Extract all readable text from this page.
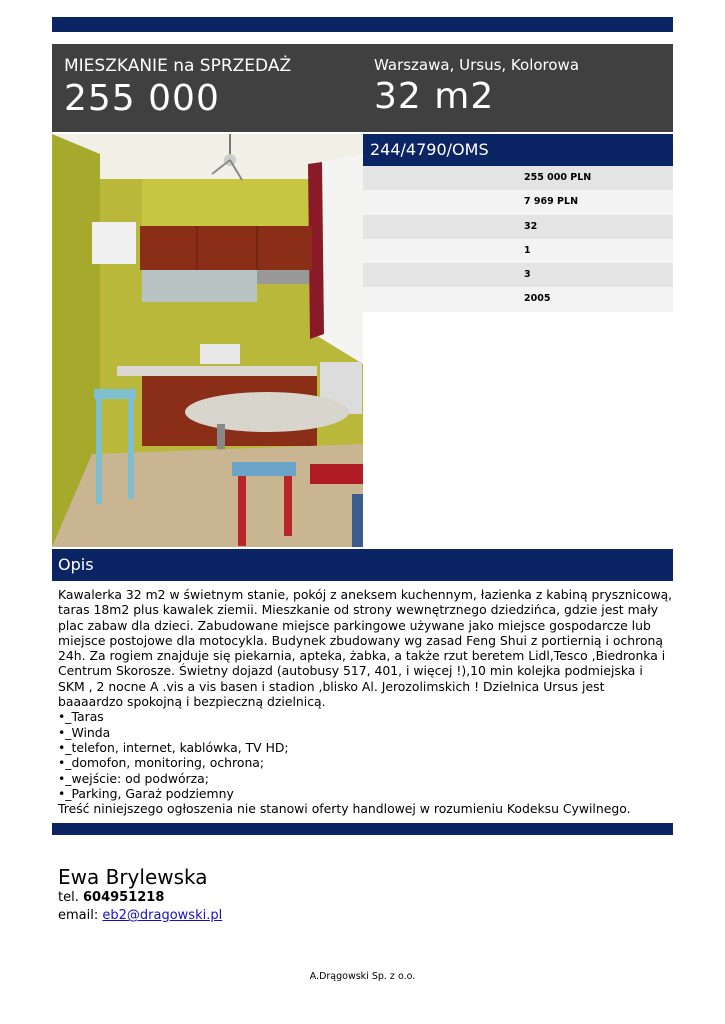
MIESZKANIE na SPRZEDAŻ
255 000
Warszawa, Ursus, Kolorowa
32 m2
244/4790/OMS
255 000 PLN
7 969 PLN
32
1
3
2005
Opis

Kawalerka 32 m2 w świetnym stanie, pokój z aneksem kuchennym, łazienka z kabiną prysznicową, taras 18m2 plus kawalek ziemii. Mieszkanie od strony wewnętrznego dziedzińca, gdzie jest mały plac zabaw dla dzieci. Zabudowane miejsce parkingowe używane jako miejsce gospodarcze lub miejsce postojowe dla motocykla. Budynek zbudowany wg zasad Feng Shui z portiernią i ochroną 24h. Za rogiem znajduje się piekarnia, apteka, żabka, a także rzut beretem Lidl,Tesco ,Biedronka i Centrum Skorosze. Świetny dojazd (autobusy 517, 401, i więcej !),10 min kolejka podmiejska i SKM , 2 nocne A .vis a vis basen i stadion ,blisko Al. Jerozolimskich ! Dzielnica Ursus jest baaaardzo spokojną i bezpieczną dzielnicą.

•_Taras
•_Winda
•_telefon, internet, kablówka, TV HD;
•_domofon, monitoring, ochrona;
•_wejście: od podwórza;
•_Parking, Garaż podziemny

Treść niniejszego ogłoszenia nie stanowi oferty handlowej w rozumieniu Kodeksu Cywilnego.

Ewa Brylewska
tel. 604951218
email: eb2@dragowski.pl
A.Drągowski Sp. z o.o.
